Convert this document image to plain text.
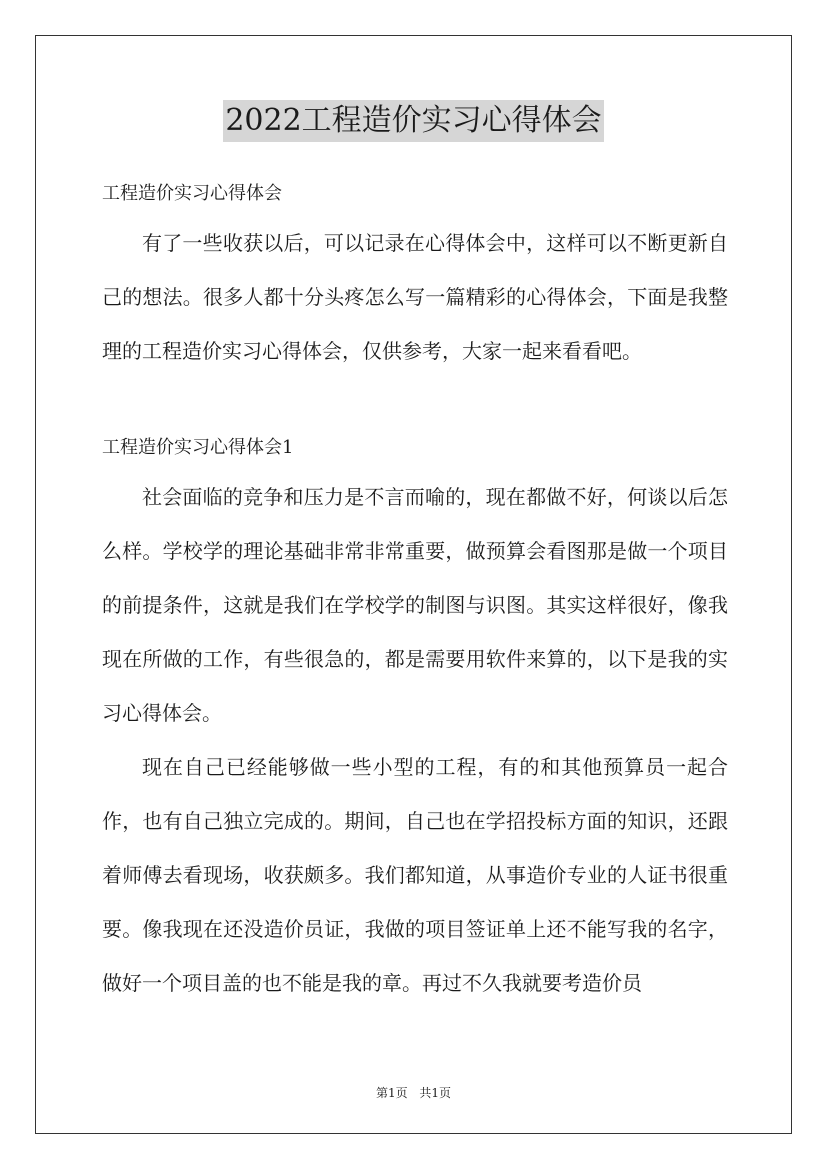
2022工程造价实习心得体会

工程造价实习心得体会

有了一些收获以后，可以记录在心得体会中，这样可以不断更新自己的想法。很多人都十分头疼怎么写一篇精彩的心得体会，下面是我整理的工程造价实习心得体会，仅供参考，大家一起来看看吧。

工程造价实习心得体会1

社会面临的竞争和压力是不言而喻的，现在都做不好，何谈以后怎么样。学校学的理论基础非常非常重要，做预算会看图那是做一个项目的前提条件，这就是我们在学校学的制图与识图。其实这样很好，像我现在所做的工作，有些很急的，都是需要用软件来算的，以下是我的实习心得体会。

现在自己已经能够做一些小型的工程，有的和其他预算员一起合作，也有自己独立完成的。期间，自己也在学招投标方面的知识，还跟着师傅去看现场，收获颇多。我们都知道，从事造价专业的人证书很重要。像我现在还没造价员证，我做的项目签证单上还不能写我的名字，做好一个项目盖的也不能是我的章。再过不久我就要考造价员

第1页 共1页
